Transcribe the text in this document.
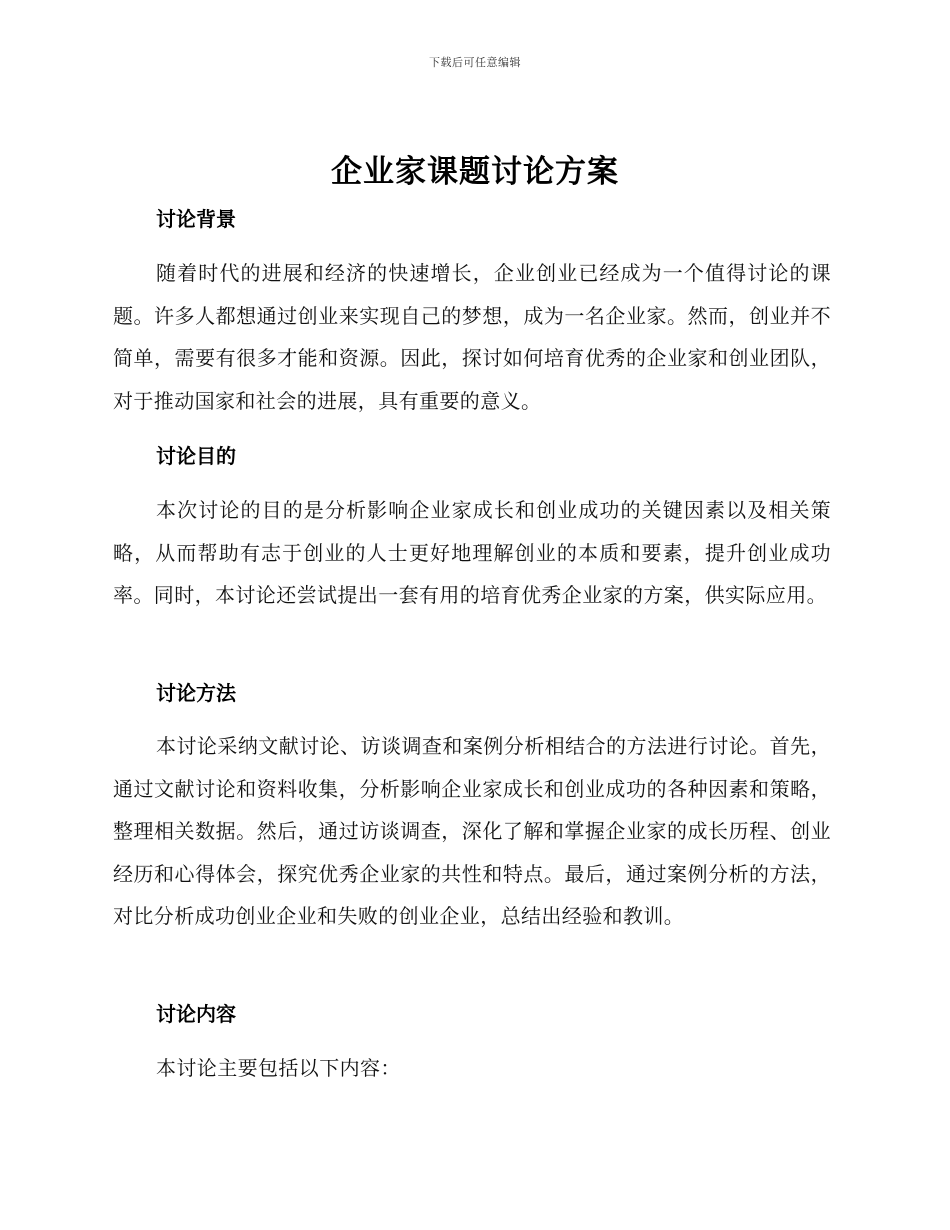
下载后可任意编辑
企业家课题讨论方案
讨论背景

随着时代的进展和经济的快速增长，企业创业已经成为一个值得讨论的课题。许多人都想通过创业来实现自己的梦想，成为一名企业家。然而，创业并不简单，需要有很多才能和资源。因此，探讨如何培育优秀的企业家和创业团队，对于推动国家和社会的进展，具有重要的意义。

讨论目的

本次讨论的目的是分析影响企业家成长和创业成功的关键因素以及相关策略，从而帮助有志于创业的人士更好地理解创业的本质和要素，提升创业成功率。同时，本讨论还尝试提出一套有用的培育优秀企业家的方案，供实际应用。

讨论方法

本讨论采纳文献讨论、访谈调查和案例分析相结合的方法进行讨论。首先，通过文献讨论和资料收集，分析影响企业家成长和创业成功的各种因素和策略，整理相关数据。然后，通过访谈调查，深化了解和掌握企业家的成长历程、创业经历和心得体会，探究优秀企业家的共性和特点。最后，通过案例分析的方法，对比分析成功创业企业和失败的创业企业，总结出经验和教训。

讨论内容

本讨论主要包括以下内容：
